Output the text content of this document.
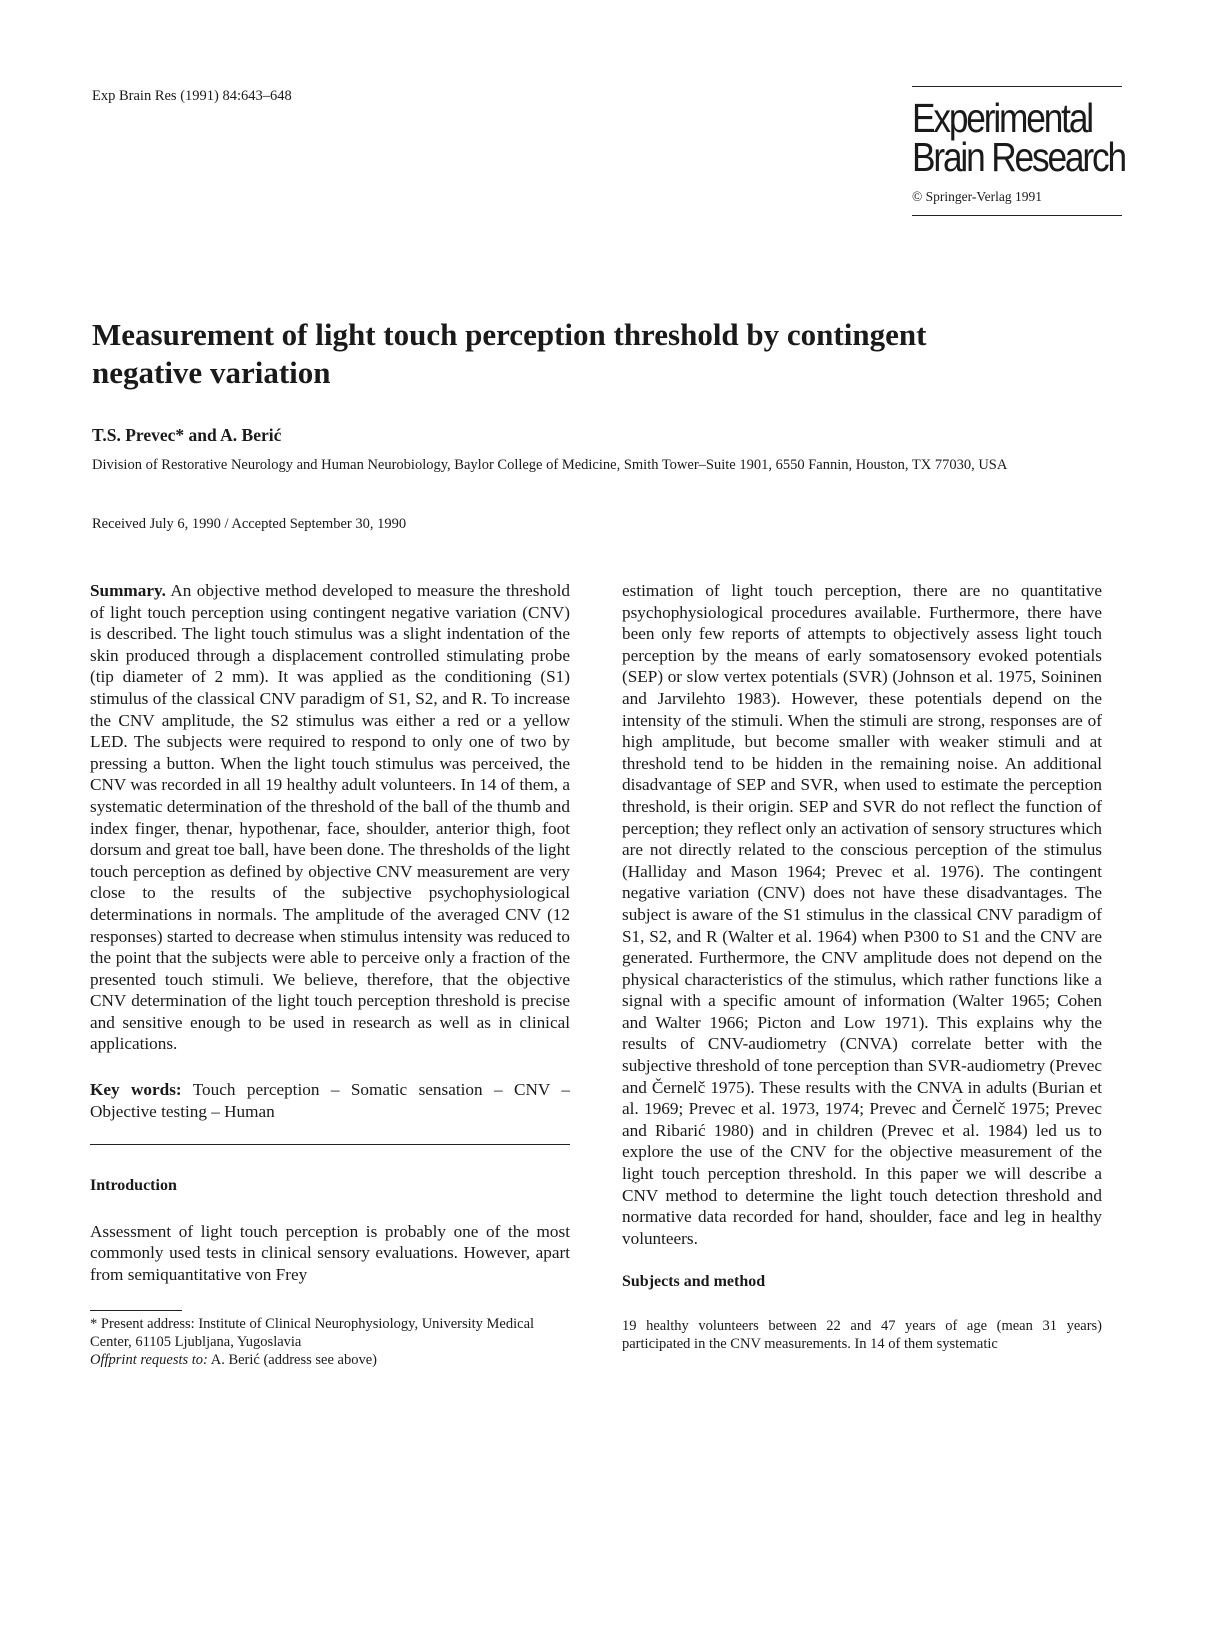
Exp Brain Res (1991) 84:643–648	Experimental
Brain Research
© Springer-Verlag 1991
Measurement of light touch perception threshold by contingent negative variation
T.S. Prevec* and A. Berić
Division of Restorative Neurology and Human Neurobiology, Baylor College of Medicine, Smith Tower–Suite 1901, 6550 Fannin, Houston, TX 77030, USA
Received July 6, 1990 / Accepted September 30, 1990

Summary. An objective method developed to measure the threshold of light touch perception using contingent negative variation (CNV) is described. The light touch stimulus was a slight indentation of the skin produced through a displacement controlled stimulating probe (tip diameter of 2 mm). It was applied as the conditioning (S1) stimulus of the classical CNV paradigm of S1, S2, and R. To increase the CNV amplitude, the S2 stimulus was either a red or a yellow LED. The subjects were required to respond to only one of two by pressing a button. When the light touch stimulus was perceived, the CNV was recorded in all 19 healthy adult volunteers. In 14 of them, a systematic determination of the threshold of the ball of the thumb and index finger, thenar, hypothenar, face, shoulder, anterior thigh, foot dorsum and great toe ball, have been done. The thresholds of the light touch perception as defined by objective CNV measurement are very close to the results of the subjective psychophysiological determinations in normals. The amplitude of the averaged CNV (12 responses) started to decrease when stimulus intensity was reduced to the point that the subjects were able to perceive only a fraction of the presented touch stimuli. We believe, therefore, that the objective CNV determination of the light touch perception threshold is precise and sensitive enough to be used in research as well as in clinical applications.

Key words: Touch perception – Somatic sensation – CNV – Objective testing – Human

Introduction

Assessment of light touch perception is probably one of the most commonly used tests in clinical sensory evaluations. However, apart from semiquantitative von Frey

* Present address: Institute of Clinical Neurophysiology, University Medical Center, 61105 Ljubljana, Yugoslavia

Offprint requests to: A. Berić (address see above)

estimation of light touch perception, there are no quantitative psychophysiological procedures available. Furthermore, there have been only few reports of attempts to objectively assess light touch perception by the means of early somatosensory evoked potentials (SEP) or slow vertex potentials (SVR) (Johnson et al. 1975, Soininen and Jarvilehto 1983). However, these potentials depend on the intensity of the stimuli. When the stimuli are strong, responses are of high amplitude, but become smaller with weaker stimuli and at threshold tend to be hidden in the remaining noise. An additional disadvantage of SEP and SVR, when used to estimate the perception threshold, is their origin. SEP and SVR do not reflect the function of perception; they reflect only an activation of sensory structures which are not directly related to the conscious perception of the stimulus (Halliday and Mason 1964; Prevec et al. 1976). The contingent negative variation (CNV) does not have these disadvantages. The subject is aware of the S1 stimulus in the classical CNV paradigm of S1, S2, and R (Walter et al. 1964) when P300 to S1 and the CNV are generated. Furthermore, the CNV amplitude does not depend on the physical characteristics of the stimulus, which rather functions like a signal with a specific amount of information (Walter 1965; Cohen and Walter 1966; Picton and Low 1971). This explains why the results of CNV-audiometry (CNVA) correlate better with the subjective threshold of tone perception than SVR-audiometry (Prevec and Černelč 1975). These results with the CNVA in adults (Burian et al. 1969; Prevec et al. 1973, 1974; Prevec and Černelč 1975; Prevec and Ribarić 1980) and in children (Prevec et al. 1984) led us to explore the use of the CNV for the objective measurement of the light touch perception threshold. In this paper we will describe a CNV method to determine the light touch detection threshold and normative data recorded for hand, shoulder, face and leg in healthy volunteers.

Subjects and method

19 healthy volunteers between 22 and 47 years of age (mean 31 years) participated in the CNV measurements. In 14 of them systematic
